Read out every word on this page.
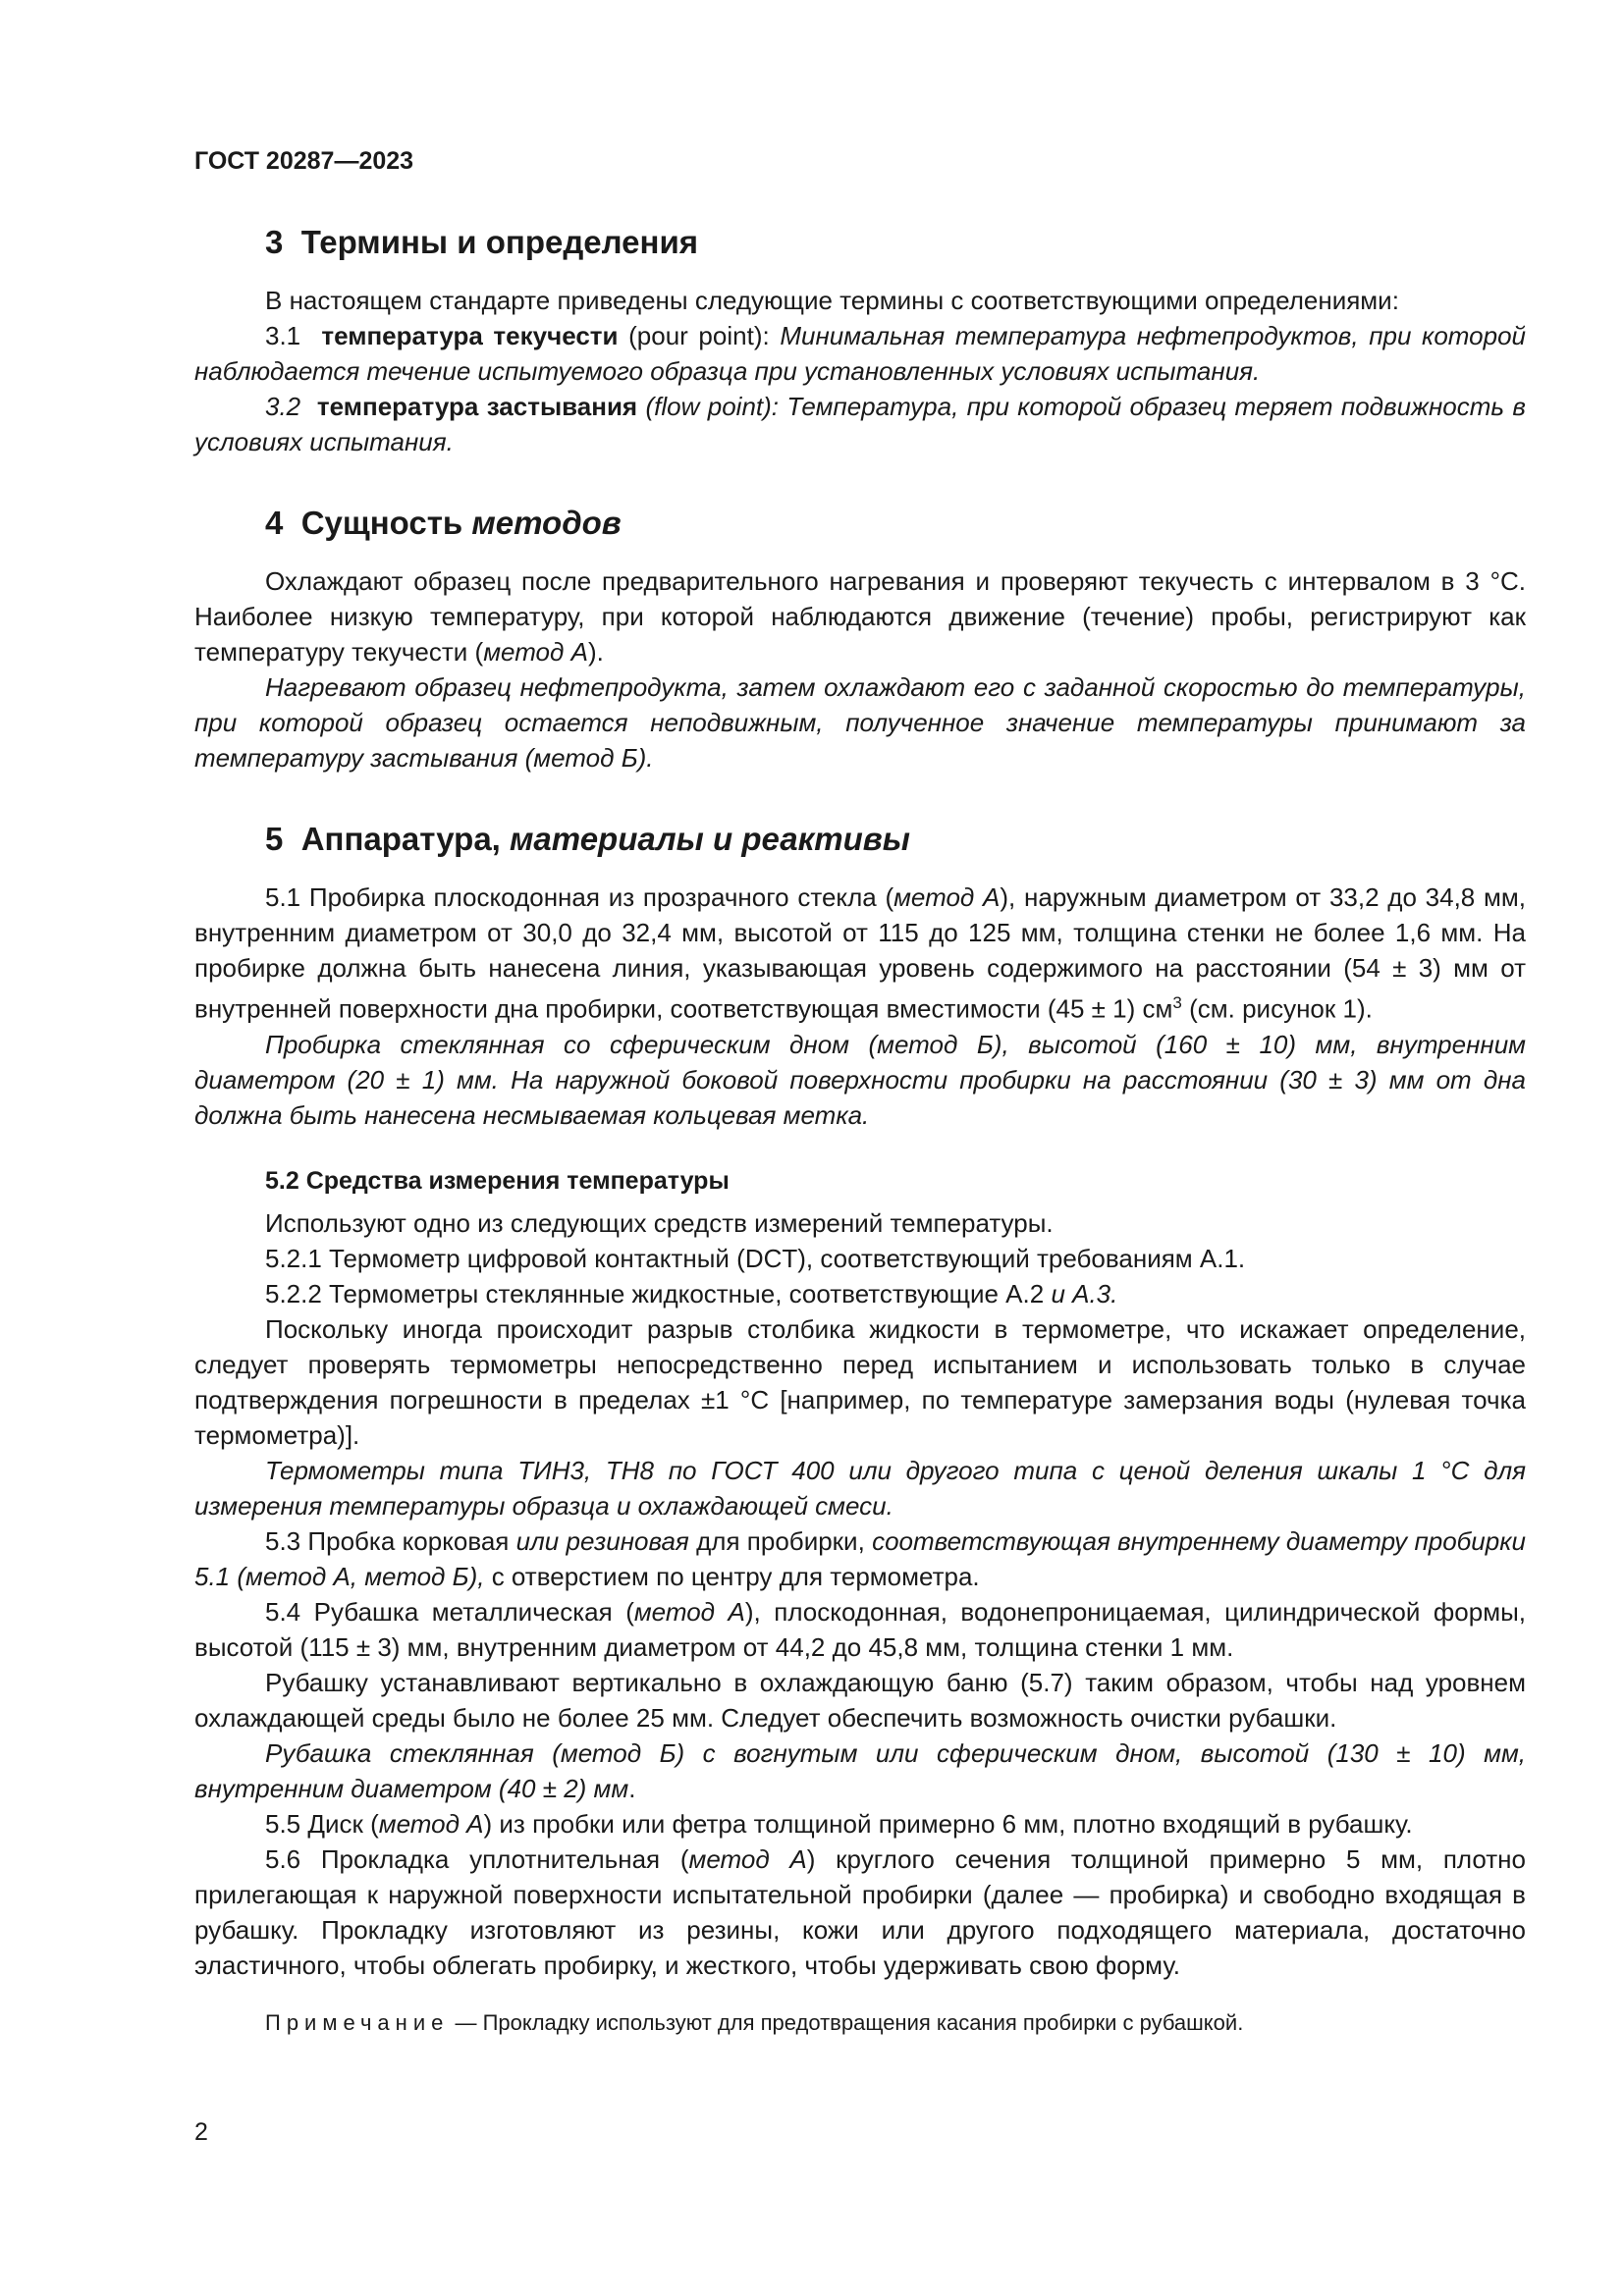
ГОСТ 20287—2023
3 Термины и определения

В настоящем стандарте приведены следующие термины с соответствующими определениями:

3.1 температура текучести (pour point): Минимальная температура нефтепродуктов, при которой наблюдается течение испытуемого образца при установленных условиях испытания.

3.2 температура застывания (flow point): Температура, при которой образец теряет подвижность в условиях испытания.

4 Сущность методов

Охлаждают образец после предварительного нагревания и проверяют текучесть с интервалом в 3 °С. Наиболее низкую температуру, при которой наблюдаются движение (течение) пробы, регистрируют как температуру текучести (метод А).

Нагревают образец нефтепродукта, затем охлаждают его с заданной скоростью до температуры, при которой образец остается неподвижным, полученное значение температуры принимают за температуру застывания (метод Б).

5 Аппаратура, материалы и реактивы

5.1 Пробирка плоскодонная из прозрачного стекла (метод А), наружным диаметром от 33,2 до 34,8 мм, внутренним диаметром от 30,0 до 32,4 мм, высотой от 115 до 125 мм, толщина стенки не более 1,6 мм. На пробирке должна быть нанесена линия, указывающая уровень содержимого на расстоянии (54 ± 3) мм от внутренней поверхности дна пробирки, соответствующая вместимости (45 ± 1) $см^3$ (см. рисунок 1).

Пробирка стеклянная со сферическим дном (метод Б), высотой (160 ± 10) мм, внутренним диаметром (20 ± 1) мм. На наружной боковой поверхности пробирки на расстоянии (30 ± 3) мм от дна должна быть нанесена несмываемая кольцевая метка.

5.2 Средства измерения температуры

Используют одно из следующих средств измерений температуры.

5.2.1 Термометр цифровой контактный (DCT), соответствующий требованиям А.1.

5.2.2 Термометры стеклянные жидкостные, соответствующие А.2 и А.3.

Поскольку иногда происходит разрыв столбика жидкости в термометре, что искажает определение, следует проверять термометры непосредственно перед испытанием и использовать только в случае подтверждения погрешности в пределах ±1 °С [например, по температуре замерзания воды (нулевая точка термометра)].

Термометры типа ТИН3, ТН8 по ГОСТ 400 или другого типа с ценой деления шкалы 1 °С для измерения температуры образца и охлаждающей смеси.

5.3 Пробка корковая или резиновая для пробирки, соответствующая внутреннему диаметру пробирки 5.1 (метод А, метод Б), с отверстием по центру для термометра.

5.4 Рубашка металлическая (метод А), плоскодонная, водонепроницаемая, цилиндрической формы, высотой (115 ± 3) мм, внутренним диаметром от 44,2 до 45,8 мм, толщина стенки 1 мм.

Рубашку устанавливают вертикально в охлаждающую баню (5.7) таким образом, чтобы над уровнем охлаждающей среды было не более 25 мм. Следует обеспечить возможность очистки рубашки.

Рубашка стеклянная (метод Б) с вогнутым или сферическим дном, высотой (130 ± 10) мм, внутренним диаметром (40 ± 2) мм.

5.5 Диск (метод А) из пробки или фетра толщиной примерно 6 мм, плотно входящий в рубашку.

5.6 Прокладка уплотнительная (метод А) круглого сечения толщиной примерно 5 мм, плотно прилегающая к наружной поверхности испытательной пробирки (далее — пробирка) и свободно входящая в рубашку. Прокладку изготовляют из резины, кожи или другого подходящего материала, достаточно эластичного, чтобы облегать пробирку, и жесткого, чтобы удерживать свою форму.

Примечание — Прокладку используют для предотвращения касания пробирки с рубашкой.
2
